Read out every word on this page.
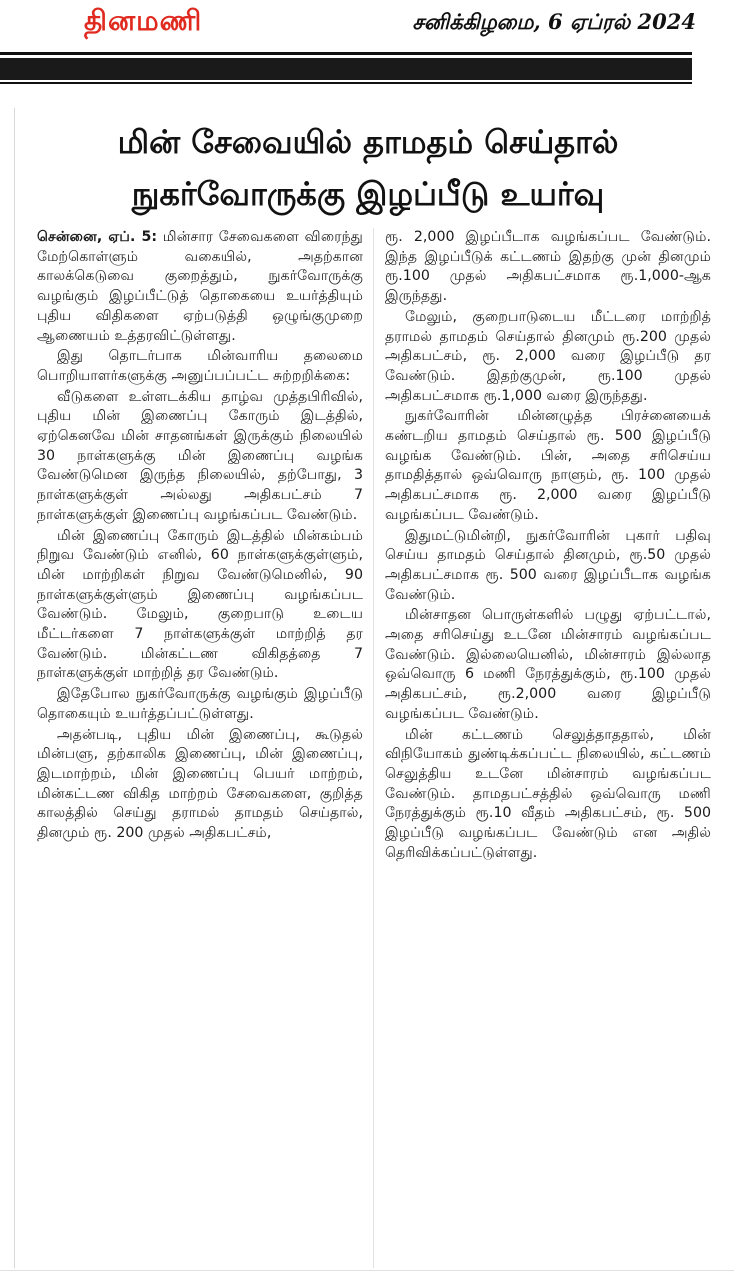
தினமணி	சனிக்கிழமை, 6 ஏப்ரல் 2024
மின் சேவையில் தாமதம் செய்தால்
நுகர்வோருக்கு இழப்பீடு உயர்வு

சென்னை, ஏப். 5: மின்சார சேவைகளை விரைந்து மேற்கொள்ளும் வகையில், அதற்கான காலக்கெடுவை குறைத்தும், நுகர்வோருக்கு வழங்கும் இழப்பீட்டுத் தொகையை உயர்த்தியும் புதிய விதிகளை ஏற்படுத்தி ஒழுங்குமுறை ஆணையம் உத்தரவிட்டுள்ளது.

இது தொடர்பாக மின்வாரிய தலைமை பொறியாளர்களுக்கு அனுப்பப்பட்ட சுற்றறிக்கை:

வீடுகளை உள்ளடக்கிய தாழ்வ முத்தபிரிவில், புதிய மின் இணைப்பு கோரும் இடத்தில், ஏற்கெனவே மின் சாதனங்கள் இருக்கும் நிலையில் 30 நாள்களுக்கு மின் இணைப்பு வழங்க வேண்டுமென இருந்த நிலையில், தற்போது, 3 நாள்களுக்குள் அல்லது அதிகபட்சம் 7 நாள்களுக்குள் இணைப்பு வழங்கப்பட வேண்டும்.

மின் இணைப்பு கோரும் இடத்தில் மின்கம்பம் நிறுவ வேண்டும் எனில், 60 நாள்களுக்குள்ளும், மின் மாற்றிகள் நிறுவ வேண்டுமெனில், 90 நாள்களுக்குள்ளும் இணைப்பு வழங்கப்பட வேண்டும். மேலும், குறைபாடு உடைய மீட்டர்களை 7 நாள்களுக்குள் மாற்றித் தர வேண்டும். மின்கட்டண விகிதத்தை 7 நாள்களுக்குள் மாற்றித் தர வேண்டும்.

இதேபோல நுகர்வோருக்கு வழங்கும் இழப்பீடு தொகையும் உயர்த்தப்பட்டுள்ளது.

அதன்படி, புதிய மின் இணைப்பு, கூடுதல் மின்பளு, தற்காலிக இணைப்பு, மின் இணைப்பு, இடமாற்றம், மின் இணைப்பு பெயர் மாற்றம், மின்கட்டண விகித மாற்றம் சேவைகளை, குறித்த காலத்தில் செய்து தராமல் தாமதம் செய்தால், தினமும் ரூ. 200 முதல் அதிகபட்சம்,

ரூ. 2,000 இழப்பீடாக வழங்கப்பட வேண்டும். இந்த இழப்பீடுக் கட்டணம் இதற்கு முன் தினமும் ரூ.100 முதல் அதிகபட்சமாக ரூ.1,000-ஆக இருந்தது.

மேலும், குறைபாடுடைய மீட்டரை மாற்றித் தராமல் தாமதம் செய்தால் தினமும் ரூ.200 முதல் அதிகபட்சம், ரூ. 2,000 வரை இழப்பீடு தர வேண்டும். இதற்குமுன், ரூ.100 முதல் அதிகபட்சமாக ரூ.1,000 வரை இருந்தது.

நுகர்வோரின் மின்னழுத்த பிரச்னையைக் கண்டறிய தாமதம் செய்தால் ரூ. 500 இழப்பீடு வழங்க வேண்டும். பின், அதை சரிசெய்ய தாமதித்தால் ஒவ்வொரு நாளும், ரூ. 100 முதல் அதிகபட்சமாக ரூ. 2,000 வரை இழப்பீடு வழங்கப்பட வேண்டும்.

இதுமட்டுமின்றி, நுகர்வோரின் புகார் பதிவு செய்ய தாமதம் செய்தால் தினமும், ரூ.50 முதல் அதிகபட்சமாக ரூ. 500 வரை இழப்பீடாக வழங்க வேண்டும்.

மின்சாதன பொருள்களில் பழுது ஏற்பட்டால், அதை சரிசெய்து உடனே மின்சாரம் வழங்கப்பட வேண்டும். இல்லையெனில், மின்சாரம் இல்லாத ஒவ்வொரு 6 மணி நேரத்துக்கும், ரூ.100 முதல் அதிகபட்சம், ரூ.2,000 வரை இழப்பீடு வழங்கப்பட வேண்டும்.

மின் கட்டணம் செலுத்தாததால், மின் விநியோகம் துண்டிக்கப்பட்ட நிலையில், கட்டணம் செலுத்திய உடனே மின்சாரம் வழங்கப்பட வேண்டும். தாமதபட்சத்தில் ஒவ்வொரு மணி நேரத்துக்கும் ரூ.10 வீதம் அதிகபட்சம், ரூ. 500 இழப்பீடு வழங்கப்பட வேண்டும் என அதில் தெரிவிக்கப்பட்டுள்ளது.
